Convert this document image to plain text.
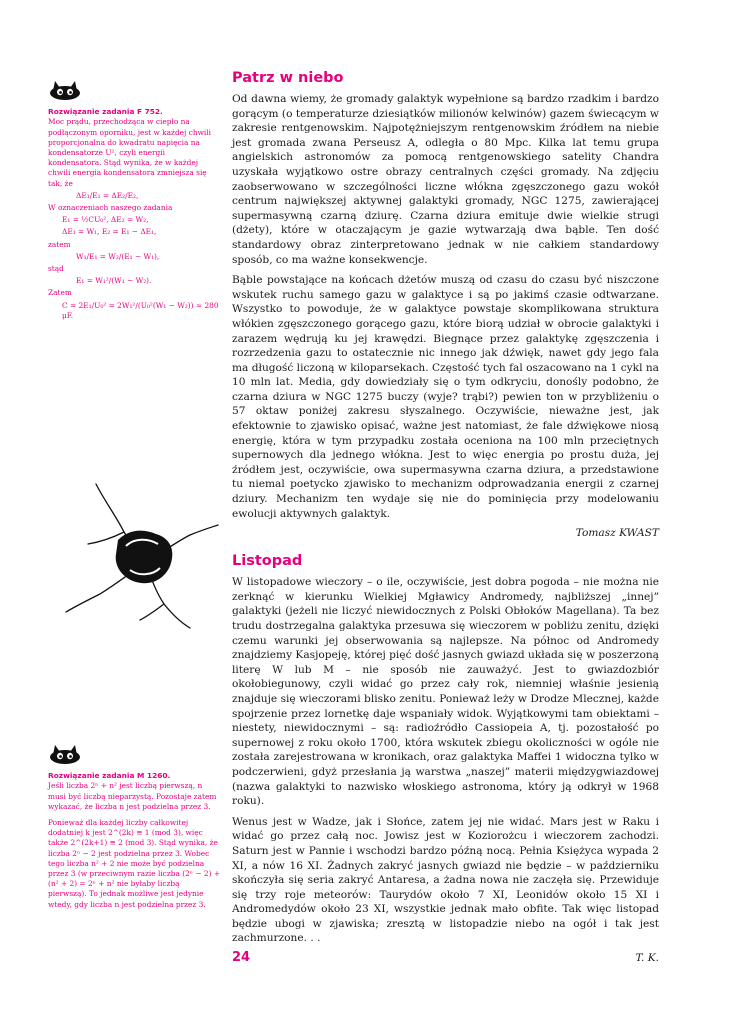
Rozwiązanie zadania F 752.

Moc prądu, przechodząca w ciepło na podłączonym oporniku, jest w każdej chwili proporcjonalna do kwadratu napięcia na kondensatorze U², czyli energii kondensatora. Stąd wynika, że w każdej chwili energia kondensatora zmniejsza się tak, że

ΔE₁/E₁ = ΔE₂/E₂,

W oznaczeniach naszego zadania

E₁ = ½CU₀², ΔE₂ = W₂,

ΔE₁ = W₁, E₂ = E₁ − ΔE₁,

zatem

W₁/E₁ = W₂/(E₁ − W₁),

stąd

E₁ = W₁²/(W₁ − W₂).

Zatem

C = 2E₁/U₀² = 2W₁²/(U₀²(W₁ − W₂)) ≈ 280 μF.

Rozwiązanie zadania M 1260.

Jeśli liczba 2ⁿ + n² jest liczbą pierwszą, n musi być liczbą nieparzystą. Pozostaje zatem wykazać, że liczba n jest podzielna przez 3.

Ponieważ dla każdej liczby całkowitej dodatniej k jest 2^(2k) ≡ 1 (mod 3), więc także 2^(2k+1) ≡ 2 (mod 3). Stąd wynika, że liczba 2ⁿ − 2 jest podzielna przez 3. Wobec tego liczba n² + 2 nie może być podzielna przez 3 (w przeciwnym razie liczba (2ⁿ − 2) + (n² + 2) = 2ⁿ + n² nie byłaby liczbą pierwszą). To jednak możliwe jest jedynie wtedy, gdy liczba n jest podzielna przez 3.

Patrz w niebo

Od dawna wiemy, że gromady galaktyk wypełnione są bardzo rzadkim i bardzo gorącym (o temperaturze dziesiątków milionów kelwinów) gazem świecącym w zakresie rentgenowskim. Najpotężniejszym rentgenowskim źródłem na niebie jest gromada zwana Perseusz A, odległa o 80 Mpc. Kilka lat temu grupa angielskich astronomów za pomocą rentgenowskiego satelity Chandra uzyskała wyjątkowo ostre obrazy centralnych części gromady. Na zdjęciu zaobserwowano w szczególności liczne włókna zgęszczonego gazu wokół centrum największej aktywnej galaktyki gromady, NGC 1275, zawierającej supermasywną czarną dziurę. Czarna dziura emituje dwie wielkie strugi (dżety), które w otaczającym je gazie wytwarzają dwa bąble. Ten dość standardowy obraz zinterpretowano jednak w nie całkiem standardowy sposób, co ma ważne konsekwencje.

Bąble powstające na końcach dżetów muszą od czasu do czasu być niszczone wskutek ruchu samego gazu w galaktyce i są po jakimś czasie odtwarzane. Wszystko to powoduje, że w galaktyce powstaje skomplikowana struktura włókien zgęszczonego gorącego gazu, które biorą udział w obrocie galaktyki i zarazem wędrują ku jej krawędzi. Biegnące przez galaktykę zgęszczenia i rozrzedzenia gazu to ostatecznie nic innego jak dźwięk, nawet gdy jego fala ma długość liczoną w kiloparsekach. Częstość tych fal oszacowano na 1 cykl na 10 mln lat. Media, gdy dowiedziały się o tym odkryciu, donośly podobno, że czarna dziura w NGC 1275 buczy (wyje? trąbi?) pewien ton w przybliżeniu o 57 oktaw poniżej zakresu słyszalnego. Oczywiście, nieważne jest, jak efektownie to zjawisko opisać, ważne jest natomiast, że fale dźwiękowe niosą energię, która w tym przypadku została oceniona na 100 mln przeciętnych supernowych dla jednego włókna. Jest to więc energia po prostu duża, jej źródłem jest, oczywiście, owa supermasywna czarna dziura, a przedstawione tu niemal poetycko zjawisko to mechanizm odprowadzania energii z czarnej dziury. Mechanizm ten wydaje się nie do pominięcia przy modelowaniu ewolucji aktywnych galaktyk.

Tomasz KWAST

Listopad

W listopadowe wieczory – o ile, oczywiście, jest dobra pogoda – nie można nie zerknąć w kierunku Wielkiej Mgławicy Andromedy, najbliższej „innej” galaktyki (jeżeli nie liczyć niewidocznych z Polski Obłoków Magellana). Ta bez trudu dostrzegalna galaktyka przesuwa się wieczorem w pobliżu zenitu, dzięki czemu warunki jej obserwowania są najlepsze. Na północ od Andromedy znajdziemy Kasjopeję, której pięć dość jasnych gwiazd układa się w poszerzoną literę W lub M – nie sposób nie zauważyć. Jest to gwiazdozbiór okołobiegunowy, czyli widać go przez cały rok, niemniej właśnie jesienią znajduje się wieczorami blisko zenitu. Ponieważ leży w Drodze Mlecznej, każde spojrzenie przez lornetkę daje wspaniały widok. Wyjątkowymi tam obiektami – niestety, niewidocznymi – są: radioźródło Cassiopeia A, tj. pozostałość po supernowej z roku około 1700, która wskutek zbiegu okoliczności w ogóle nie została zarejestrowana w kronikach, oraz galaktyka Maffei 1 widoczna tylko w podczerwieni, gdyż przesłania ją warstwa „naszej” materii międzygwiazdowej (nazwa galaktyki to nazwisko włoskiego astronoma, który ją odkrył w 1968 roku).

Wenus jest w Wadze, jak i Słońce, zatem jej nie widać. Mars jest w Raku i widać go przez całą noc. Jowisz jest w Koziorożcu i wieczorem zachodzi. Saturn jest w Pannie i wschodzi bardzo późną nocą. Pełnia Księżyca wypada 2 XI, a nów 16 XI. Żadnych zakryć jasnych gwiazd nie będzie – w październiku skończyła się seria zakryć Antaresa, a żadna nowa nie zaczęła się. Przewiduje się trzy roje meteorów: Taurydów około 7 XI, Leonidów około 15 XI i Andromedydów około 23 XI, wszystkie jednak mało obfite. Tak więc listopad będzie ubogi w zjawiska; zresztą w listopadzie niebo na ogół i tak jest zachmurzone. . .

T. K.

24
